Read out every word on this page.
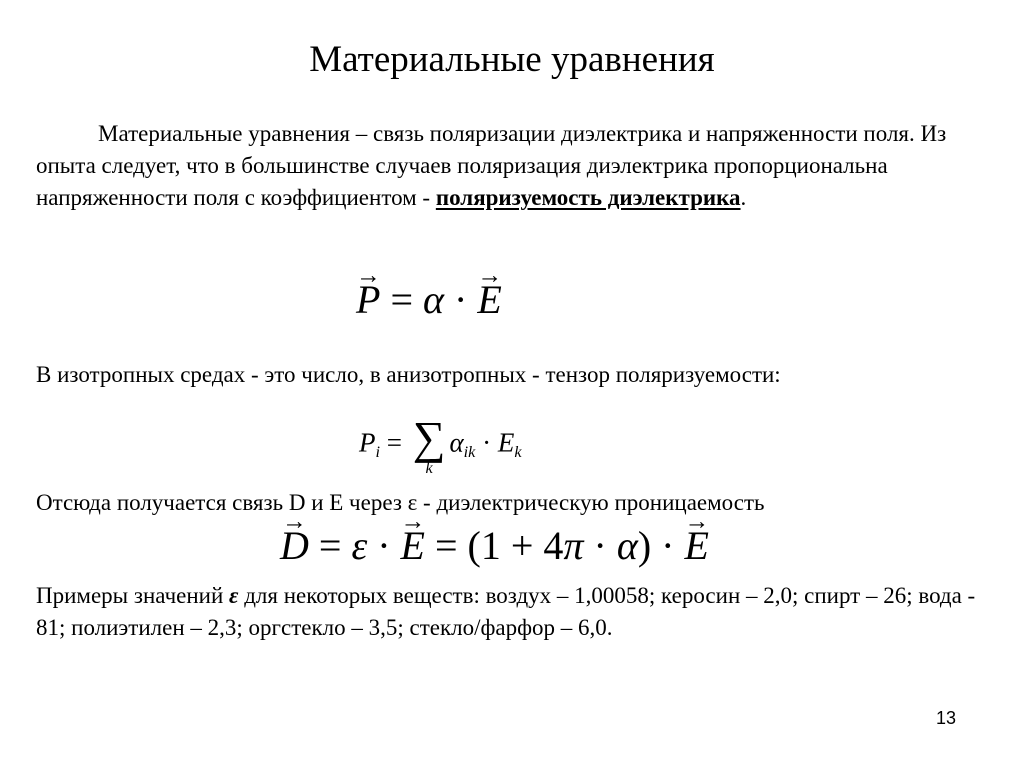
Материальные уравнения
Материальные уравнения – связь поляризации диэлектрика и напряженности поля. Из опыта следует, что в большинстве случаев поляризация диэлектрика пропорциональна напряженности поля с коэффициентом - поляризуемость диэлектрика.
→ P = α · → E
В изотропных средах - это число, в анизотропных - тензор поляризуемости:
$P_i$ = ∑
k
$\alpha_{ik} \cdot E_k$
Отсюда получается связь D и E через ε - диэлектрическую проницаемость
→ D = ε · → E = (1 + 4π · α) · → E
Примеры значений ε для некоторых веществ: воздух – 1,00058; керосин – 2,0; спирт – 26; вода - 81; полиэтилен – 2,3; оргстекло – 3,5; стекло/фарфор – 6,0.
13
